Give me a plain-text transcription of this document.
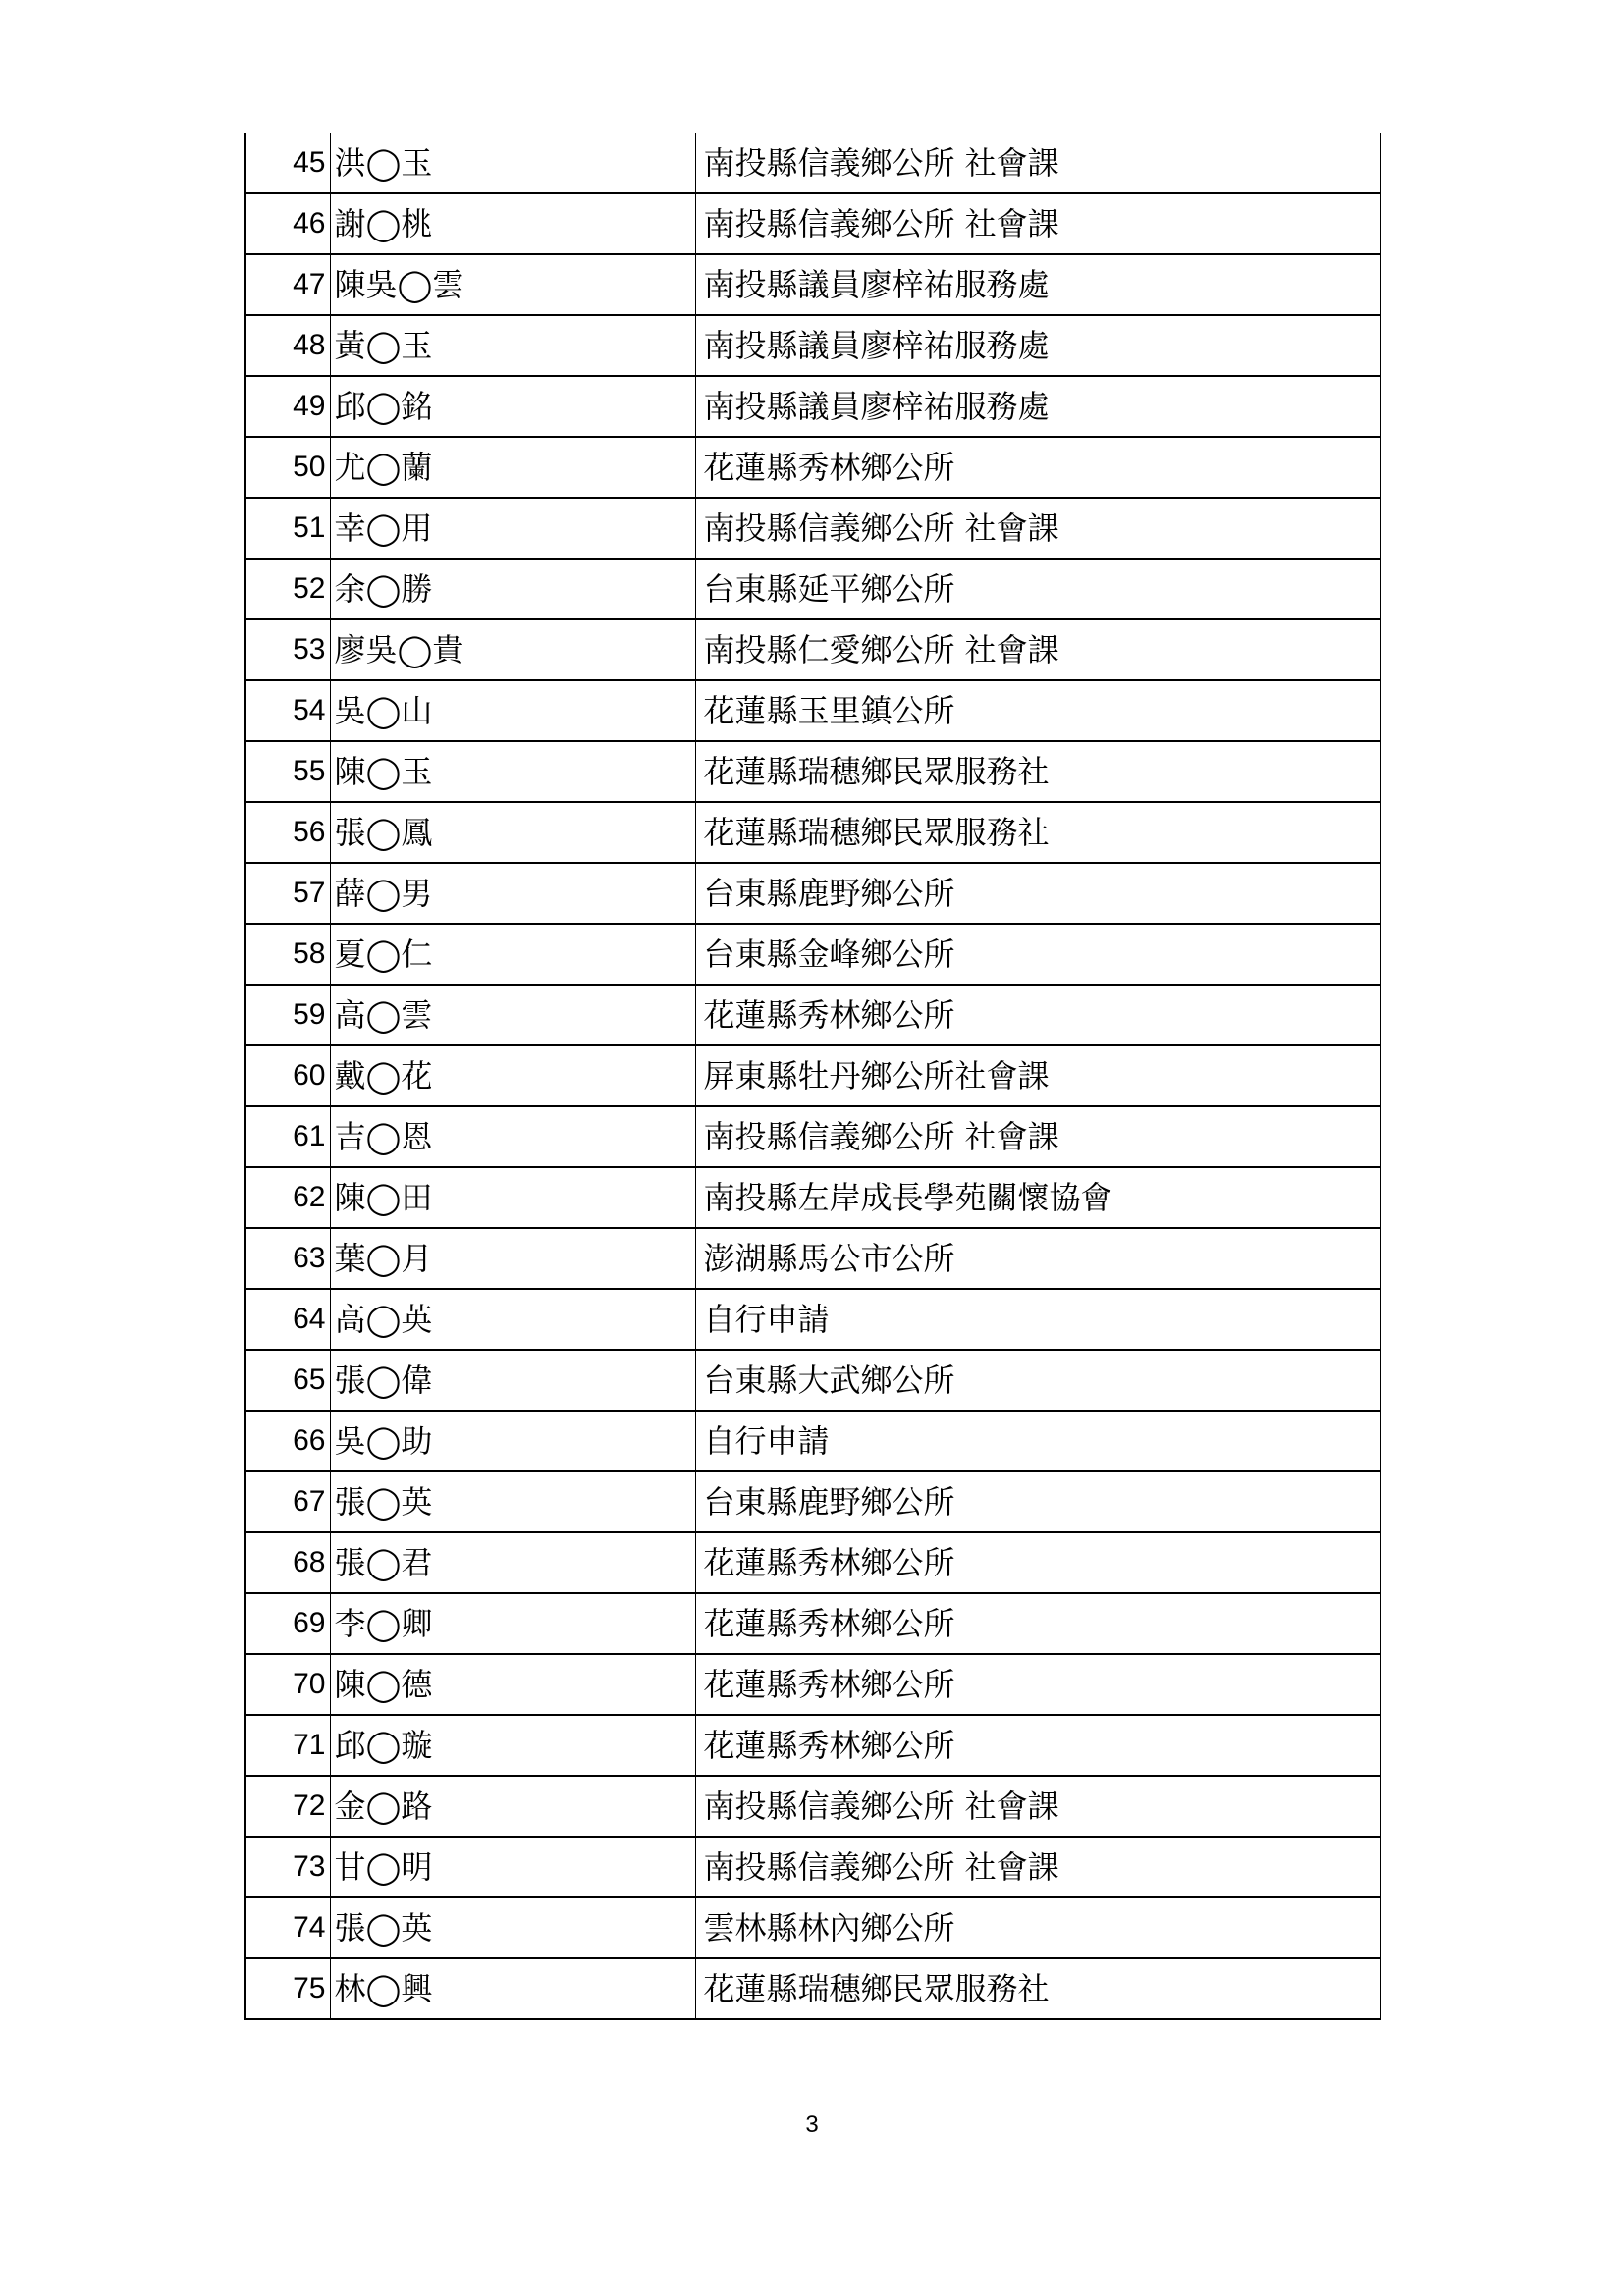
45	洪◯玉	南投縣信義鄉公所 社會課
46	謝◯桃	南投縣信義鄉公所 社會課
47	陳吳◯雲	南投縣議員廖梓祐服務處
48	黃◯玉	南投縣議員廖梓祐服務處
49	邱◯銘	南投縣議員廖梓祐服務處
50	尤◯蘭	花蓮縣秀林鄉公所
51	幸◯用	南投縣信義鄉公所 社會課
52	余◯勝	台東縣延平鄉公所
53	廖吳◯貴	南投縣仁愛鄉公所 社會課
54	吳◯山	花蓮縣玉里鎮公所
55	陳◯玉	花蓮縣瑞穗鄉民眾服務社
56	張◯鳳	花蓮縣瑞穗鄉民眾服務社
57	薛◯男	台東縣鹿野鄉公所
58	夏◯仁	台東縣金峰鄉公所
59	高◯雲	花蓮縣秀林鄉公所
60	戴◯花	屏東縣牡丹鄉公所社會課
61	吉◯恩	南投縣信義鄉公所 社會課
62	陳◯田	南投縣左岸成長學苑關懷協會
63	葉◯月	澎湖縣馬公市公所
64	高◯英	自行申請
65	張◯偉	台東縣大武鄉公所
66	吳◯助	自行申請
67	張◯英	台東縣鹿野鄉公所
68	張◯君	花蓮縣秀林鄉公所
69	李◯卿	花蓮縣秀林鄉公所
70	陳◯德	花蓮縣秀林鄉公所
71	邱◯璇	花蓮縣秀林鄉公所
72	金◯路	南投縣信義鄉公所 社會課
73	甘◯明	南投縣信義鄉公所 社會課
74	張◯英	雲林縣林內鄉公所
75	林◯興	花蓮縣瑞穗鄉民眾服務社
3
